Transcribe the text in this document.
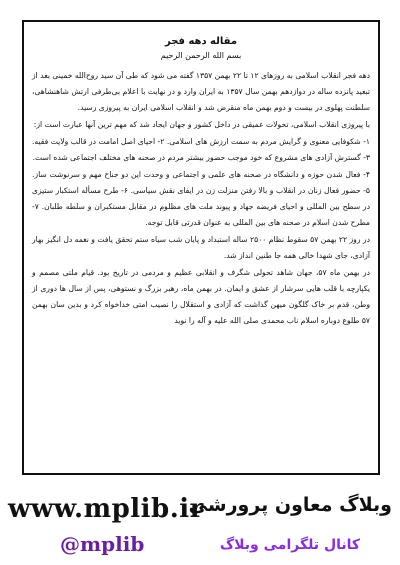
مقاله دهه فجر
بسم الله الرحمن الرحیم

دهه فجر انقلاب اسلامی به روزهای ۱۲ تا ۲۲ بهمن ۱۳۵۷ گفته می شود که طی آن سید روح‌الله خمینی بعد از تبعید پانزده ساله در دوازدهم بهمن سال ۱۳۵۷ به ایران وارد و در نهایت با اعلام بی‌طرفی ارتش شاهنشاهی، سلطنت پهلوی در بیست و دوم بهمن ماه منقرض شد و انقلاب اسلامی ایران به پیروزی رسید.

با پیروزی انقلاب اسلامی، تحولات عمیقی در داخل کشور و جهان ایجاد شد که مهم ترین آنها عبارت است از:

۱- شکوفایی معنوی و گرایش مردم به سمت ارزش های اسلامی. ۲- احیای اصل امامت در قالب ولایت فقیه. ۳- گسترش آزادی های مشروع که خود موجب حضور بیشتر مردم در صحنه های مختلف اجتماعی شده است.

۴- فعال شدن حوزه و دانشگاه در صحنه های علمی و اجتماعی و وحدت این دو جناح مهم و سرنوشت ساز. ۵- حضور فعال زنان در انقلاب و بالا رفتن منزلت زن در ایفای نقش سیاسی. ۶- طرح مسأله استکبار ستیزی در سطح بین المللی و احیای فریضه جهاد و پیوند ملت های مظلوم در مقابل مستکبران و سلطه طلبان. ۷- مطرح شدن اسلام در صحنه های بین المللی به عنوان قدرتی قابل توجه.

در روز ۲۲ بهمن ۵۷ سقوط نظام ۲۵۰۰ ساله استبداد و پایان شب سیاه ستم تحقق یافت و نغمه دل انگیز بهار آزادی، جای شهدا خالی همه جا طنین انداز شد.

در بهمن ماه ۵۷، جهان شاهد تحولی شگرف و انقلابی عظیم و مردمی در تاریخ بود. قیام ملتی مصمم و یکپارچه با قلب هایی سرشار از عشق و ایمان. در بهمن ماه، رهبر بزرگ و نستوهی، پس از سال ها دوری از وطن، قدم بر خاک گلگون میهن گذاشت که آزادی و استقلال را نصیب امتی خداخواه کرد و بدین سان بهمن ۵۷ طلوع دوباره اسلام ناب محمدی صلی الله علیه و آله را نوید

www.mplib.ir
وبلاگ معاون پرورشی
@mplib	کانال تلگرامی وبلاگ
